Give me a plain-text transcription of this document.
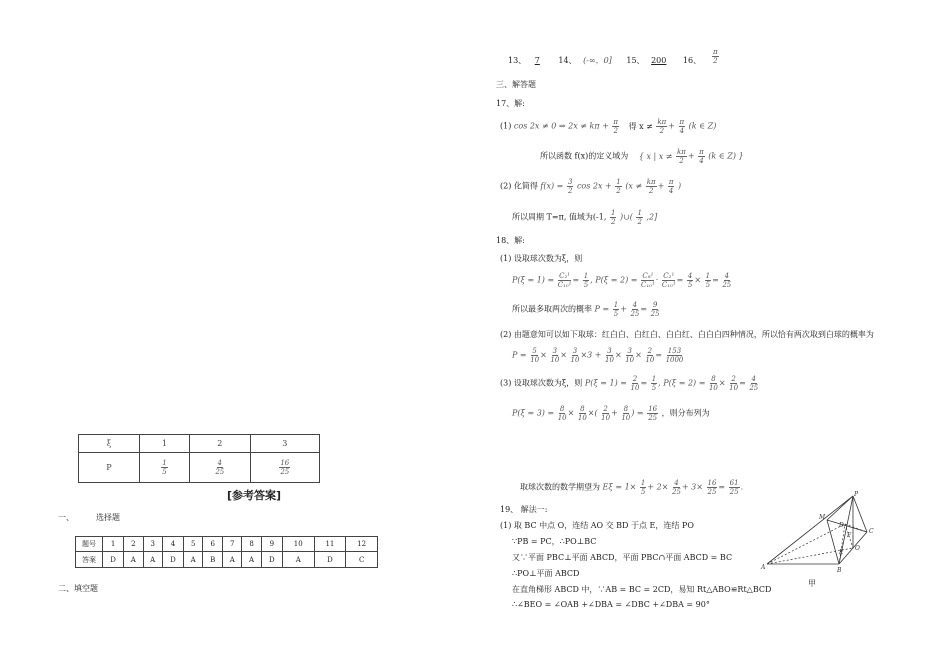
13、 7 14、 (-∞，0] 15、 200 16、 $\frac{\pi}{2}$
三、解答题
17、解:
(1) cos 2x ≠ 0 ⇒ $2x \ne k\pi + \frac{\pi}{2}$ 得 $x \ne \frac{k\pi}{2} + \frac{\pi}{4} (k$ ∈ Z)
所以函数 f(x)的定义域为 { x | $x \ne \frac{k\pi}{2} + \frac{\pi}{4} (k$ ∈ Z) }
(2) 化简得 $f(x) = \frac{3}{2}$ $\cos 2x + \frac{1}{2} (x \ne \frac{k\pi}{2} + \frac{\pi}{4}$ )
所以周期 T=π, 值域为(-1, $\frac{1}{2}$ )∪( $\frac{1}{2} ,2$]
18、解:
(1) 设取球次数为ξ，则
$P(\xi = 1) = \frac{\text{C₂¹}}{\text{C₁₀¹}} = \frac{1}{5}$ , $P(\xi = 2) = \frac{\text{C₈¹}}{\text{C₁₀¹}} \cdot \frac{\text{C₂¹}}{\text{C₁₀¹}} = \frac{4}{5} \times \frac{1}{5} = \frac{4}{25}$
所以最多取两次的概率 $P = \frac{1}{5} + \frac{4}{25} = \frac{9}{25}$
(2) 由题意知可以如下取球：红白白、白红白、白白红、白白白四种情况，所以恰有两次取到白球的概率为
$P = \frac{5}{10} \times \frac{3}{10} \times \frac{3}{10} \times 3 + \frac{3}{10} \times \frac{3}{10} \times \frac{2}{10} = \frac{153}{1000}$
(3) 设取球次数为ξ，则 $P(\xi = 1) = \frac{2}{10} = \frac{1}{5}$ , $P(\xi = 2) = \frac{8}{10} \times \frac{2}{10} = \frac{4}{25}$
$P(\xi = 3) = \frac{8}{10} \times \frac{8}{10}$ ×( $\frac{2}{10} + \frac{8}{10}$ ) = $\frac{16}{25}$ ，则分布列为
取球次数的数学期望为 $E\xi = 1\times \frac{1}{5} + 2\times \frac{4}{25} + 3\times \frac{16}{25} = \frac{61}{25}$ .
ξ	1	2	3
P	$\frac{1}{5}$	$\frac{4}{25}$	$\frac{16}{25}$
[参考答案]
一、	选择题
题号	1	2	3	4	5	6	7	8	9	10	11	12
答案	D	A	A	D	A	B	A	A	D	A	D	C
二、填空题
19、 解法一:
(1) 取 BC 中点 O，连结 AO 交 BD 于点 E，连结 PO
∵PB = PC，∴PO⊥BC
又∵平面 PBC⊥平面 ABCD，平面 PBC∩平面 ABCD = BC
∴PO⊥平面 ABCD
在直角梯形 ABCD 中，∵AB = BC = 2CD，易知 Rt△ABO≌Rt△BCD
∴∠BEO = ∠OAB +∠DBA = ∠DBC +∠DBA = 90°
P
M
D
C
A	B
E
O
F
甲
